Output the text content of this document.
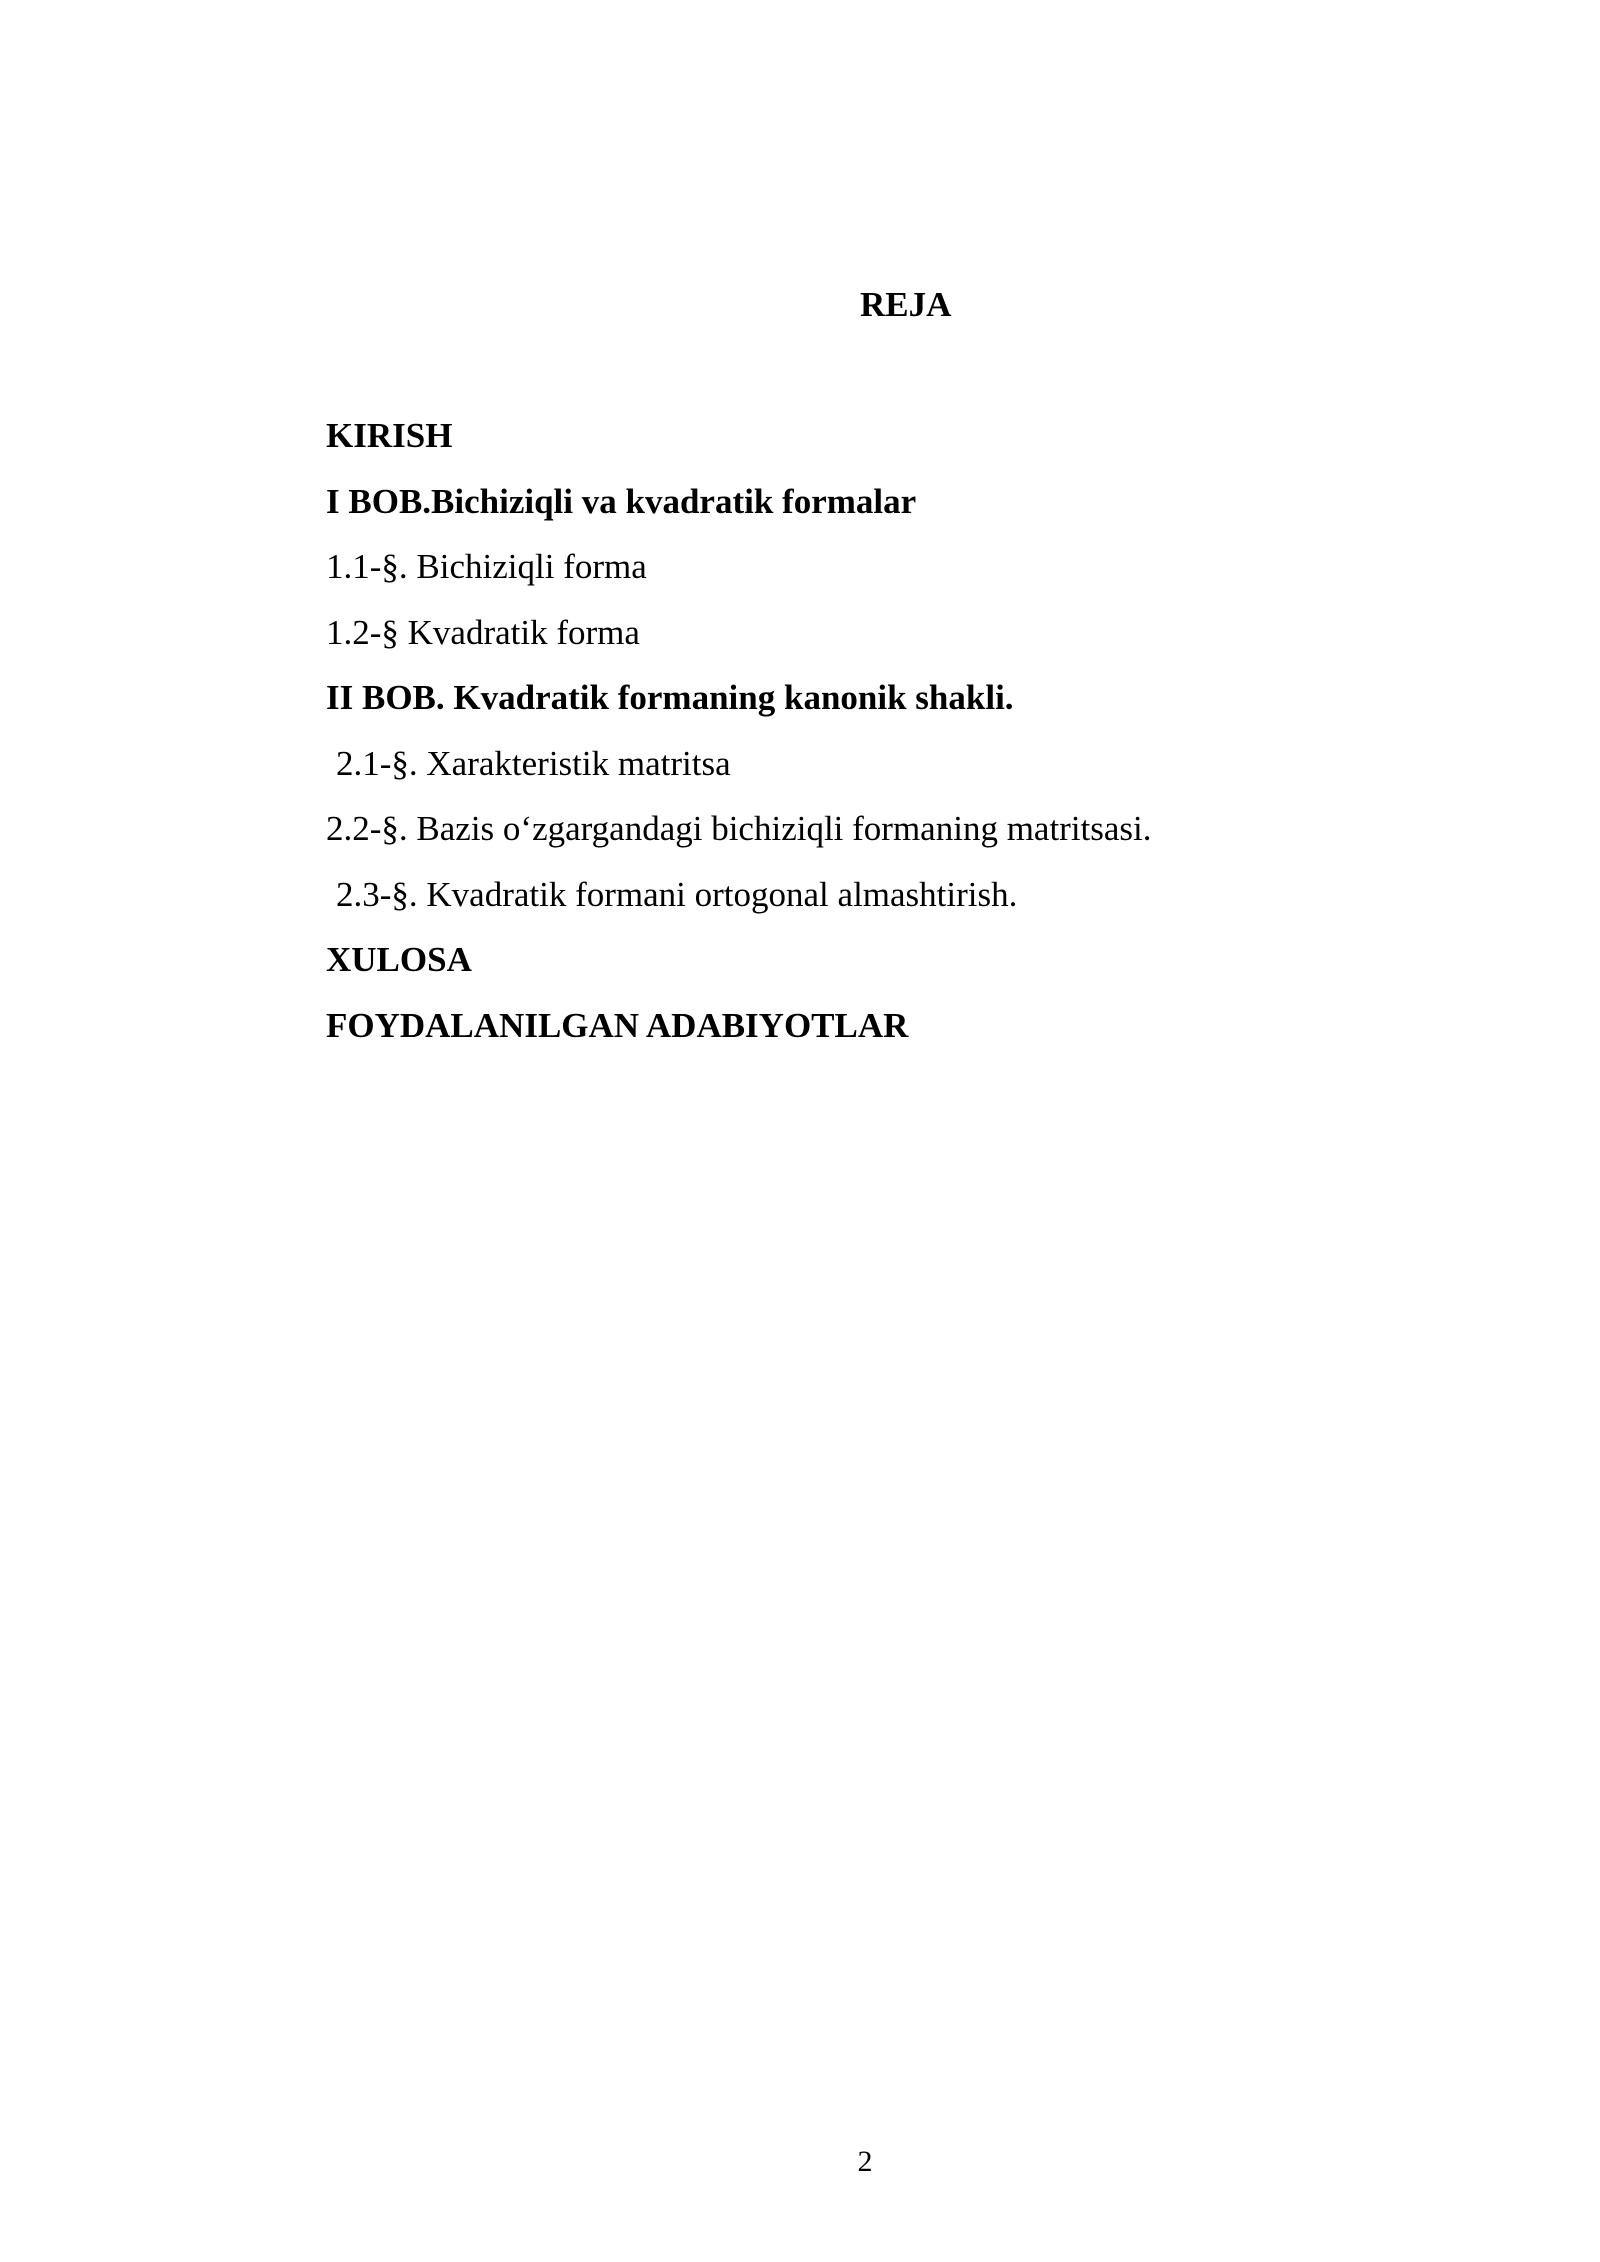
REJA
KIRISH
I BOB.Bichiziqli va kvadratik formalar
1.1-§. Bichiziqli forma
1.2-§ Kvadratik forma
II BOB. Kvadratik formaning kanonik shakli.
2.1-§. Xarakteristik matritsa
2.2-§. Bazis o‘zgargandagi bichiziqli formaning matritsasi.
2.3-§. Kvadratik formani ortogonal almashtirish.
XULOSA
FOYDALANILGAN ADABIYOTLAR
2
